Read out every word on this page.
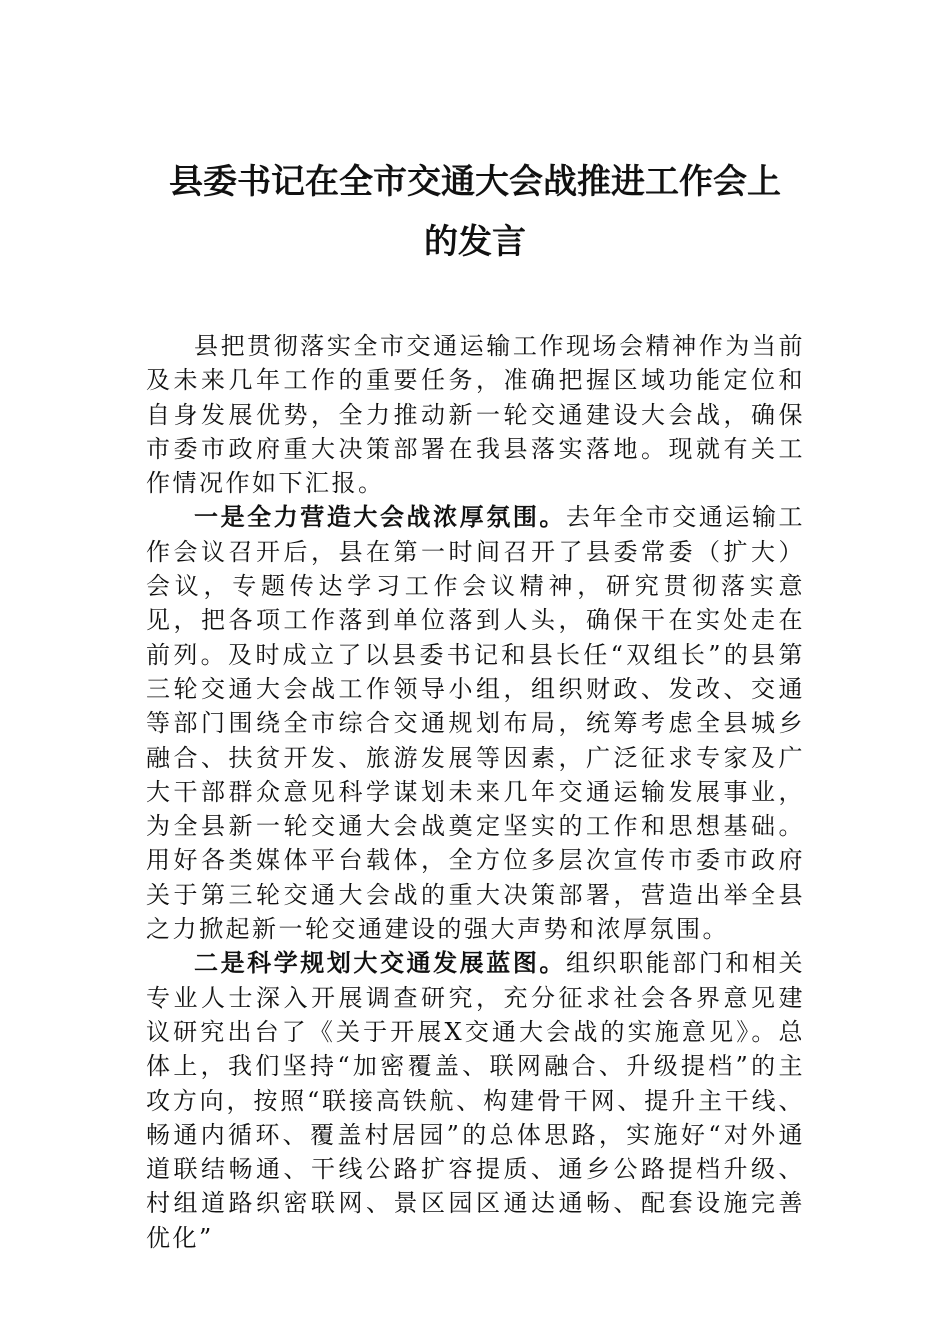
县委书记在全市交通大会战推进工作会上
的发言

县把贯彻落实全市交通运输工作现场会精神作为当前及未来几年工作的重要任务，准确把握区域功能定位和自身发展优势，全力推动新一轮交通建设大会战，确保市委市政府重大决策部署在我县落实落地。现就有关工作情况作如下汇报。

一是全力营造大会战浓厚氛围。去年全市交通运输工作会议召开后，县在第一时间召开了县委常委（扩大）会议，专题传达学习工作会议精神，研究贯彻落实意见，把各项工作落到单位落到人头，确保干在实处走在前列。及时成立了以县委书记和县长任“双组长”的县第三轮交通大会战工作领导小组，组织财政、发改、交通等部门围绕全市综合交通规划布局，统筹考虑全县城乡融合、扶贫开发、旅游发展等因素，广泛征求专家及广大干部群众意见科学谋划未来几年交通运输发展事业，为全县新一轮交通大会战奠定坚实的工作和思想基础。用好各类媒体平台载体，全方位多层次宣传市委市政府关于第三轮交通大会战的重大决策部署，营造出举全县之力掀起新一轮交通建设的强大声势和浓厚氛围。

二是科学规划大交通发展蓝图。组织职能部门和相关专业人士深入开展调查研究，充分征求社会各界意见建议研究出台了《关于开展X交通大会战的实施意见》。总体上，我们坚持“加密覆盖、联网融合、升级提档”的主攻方向，按照“联接高铁航、构建骨干网、提升主干线、畅通内循环、覆盖村居园”的总体思路，实施好“对外通道联结畅通、干线公路扩容提质、通乡公路提档升级、村组道路织密联网、景区园区通达通畅、配套设施完善优化”
